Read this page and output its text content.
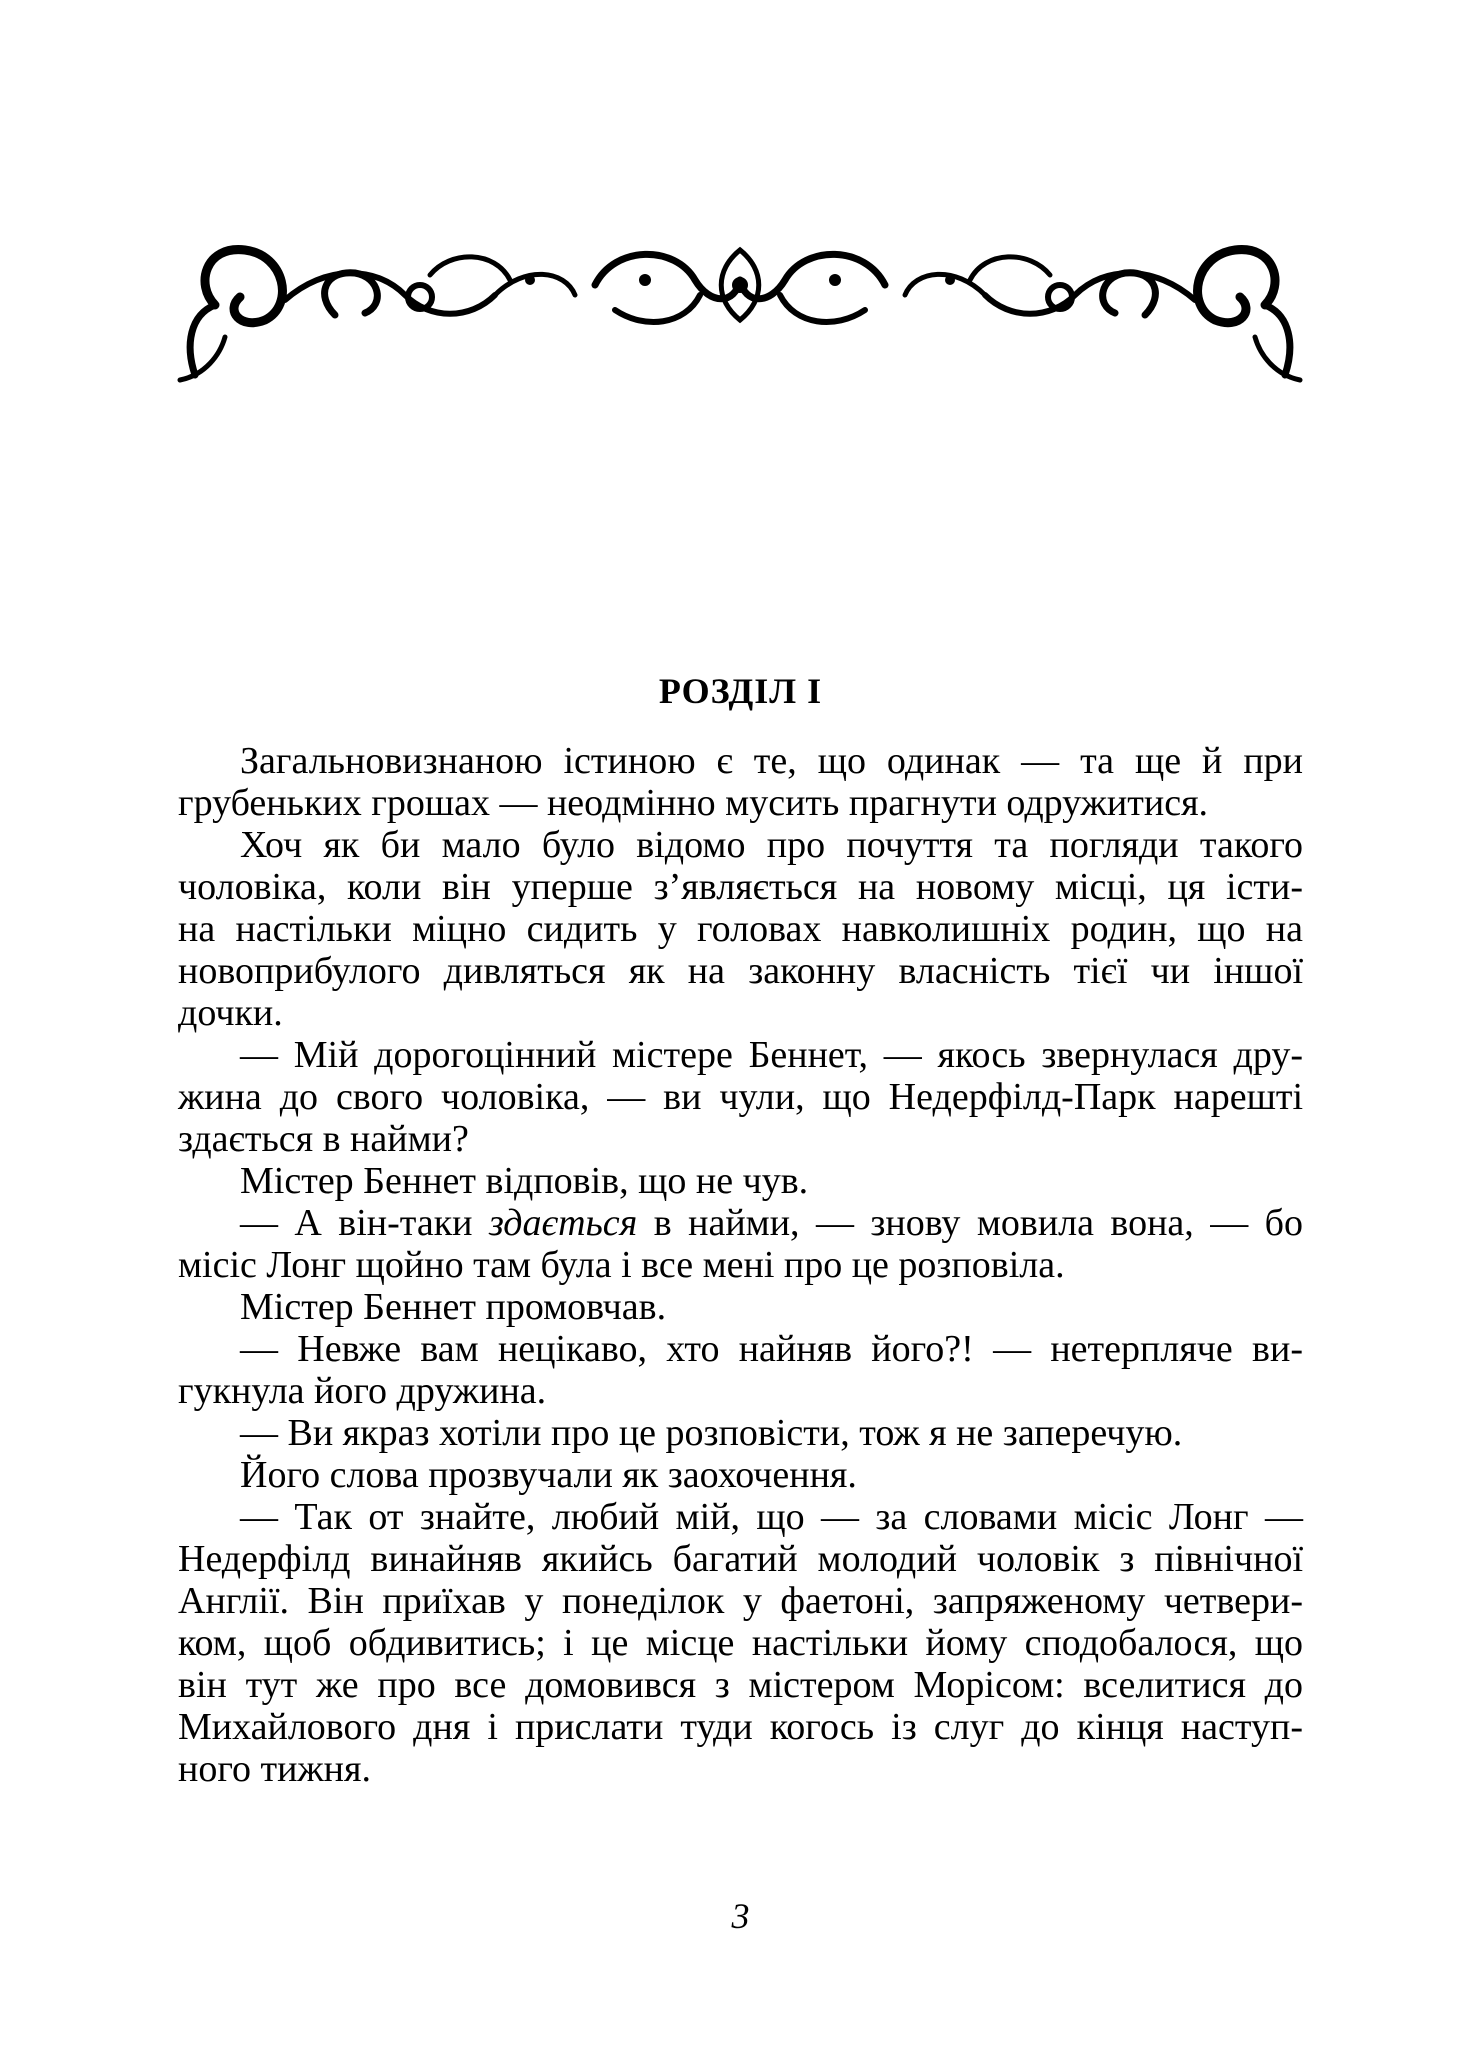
РОЗДІЛ I
Загальновизнаною істиною є те, що одинак — та ще й при
грубеньких грошах — неодмінно мусить прагнути одружитися.
Хоч як би мало було відомо про почуття та погляди такого
чоловіка, коли він уперше з’являється на новому місці, ця істи-
на настільки міцно сидить у головах навколишніх родин, що на
новоприбулого дивляться як на законну власність тієї чи іншої
дочки.
— Мій дорогоцінний містере Беннет, — якось звернулася дру-
жина до свого чоловіка, — ви чули, що Недерфілд-Парк нарешті
здається в найми?
Містер Беннет відповів, що не чув.
— А він-таки здається в найми, — знову мовила вона, — бо
місіс Лонг щойно там була і все мені про це розповіла.
Містер Беннет промовчав.
— Невже вам нецікаво, хто найняв його?! — нетерпляче ви-
гукнула його дружина.
— Ви якраз хотіли про це розповісти, тож я не заперечую.
Його слова прозвучали як заохочення.
— Так от знайте, любий мій, що — за словами місіс Лонг —
Недерфілд винайняв якийсь багатий молодий чоловік з північної
Англії. Він приїхав у понеділок у фаетоні, запряженому четвери-
ком, щоб обдивитись; і це місце настільки йому сподобалося, що
він тут же про все домовився з містером Морісом: вселитися до
Михайлового дня і прислати туди когось із слуг до кінця наступ-
ного тижня.
3
